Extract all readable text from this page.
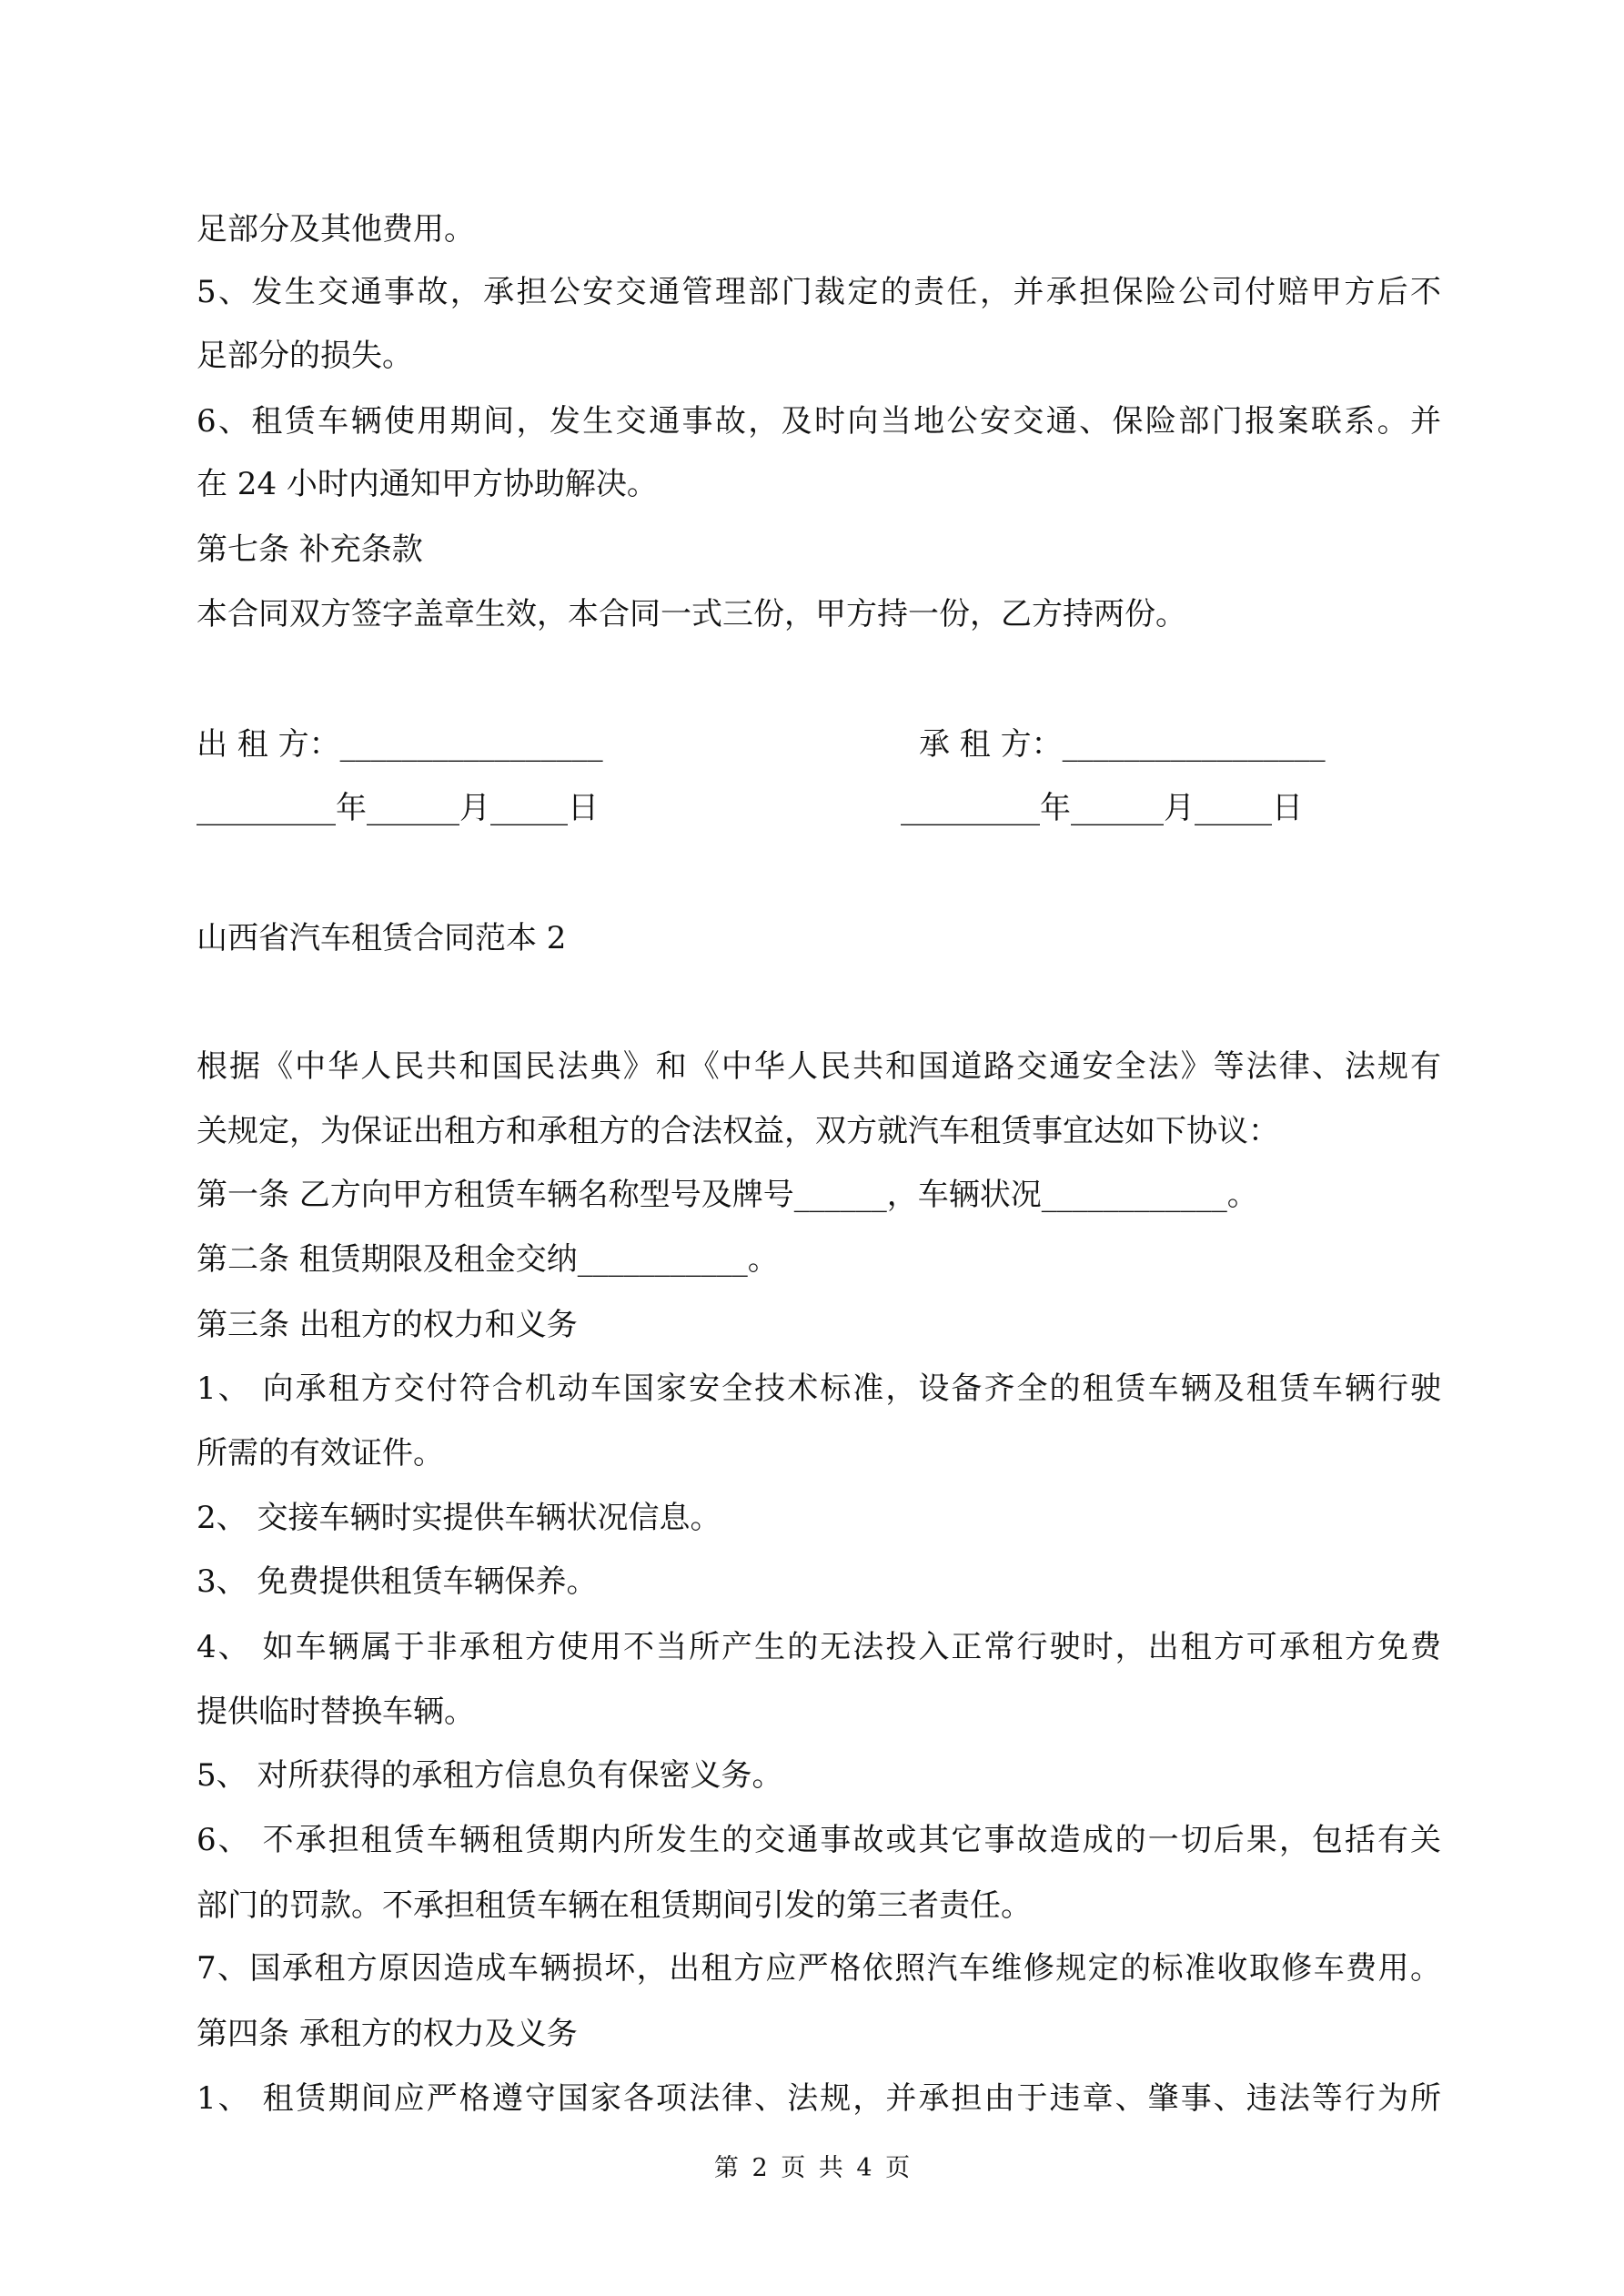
出 租 方：_________________	承 租 方：_________________
_________年______月_____日	_________年______月_____日
山西省汽车租赁合同范本 2
第 2 页 共 4 页
足部分及其他费用。
5、发生交通事故，承担公安交通管理部门裁定的责任，并承担保险公司付赔甲方后不
足部分的损失。
6、租赁车辆使用期间，发生交通事故，及时向当地公安交通、保险部门报案联系。并
在 24 小时内通知甲方协助解决。
第七条 补充条款
本合同双方签字盖章生效，本合同一式三份，甲方持一份，乙方持两份。
根据《中华人民共和国民法典》和《中华人民共和国道路交通安全法》等法律、法规有
关规定，为保证出租方和承租方的合法权益，双方就汽车租赁事宜达如下协议：
第一条 乙方向甲方租赁车辆名称型号及牌号______，车辆状况____________。
第二条 租赁期限及租金交纳___________。
第三条 出租方的权力和义务
1、 向承租方交付符合机动车国家安全技术标准，设备齐全的租赁车辆及租赁车辆行驶
所需的有效证件。
2、 交接车辆时实提供车辆状况信息。
3、 免费提供租赁车辆保养。
4、 如车辆属于非承租方使用不当所产生的无法投入正常行驶时，出租方可承租方免费
提供临时替换车辆。
5、 对所获得的承租方信息负有保密义务。
6、 不承担租赁车辆租赁期内所发生的交通事故或其它事故造成的一切后果，包括有关
部门的罚款。不承担租赁车辆在租赁期间引发的第三者责任。
7、国承租方原因造成车辆损坏，出租方应严格依照汽车维修规定的标准收取修车费用。
第四条 承租方的权力及义务
1、 租赁期间应严格遵守国家各项法律、法规，并承担由于违章、肇事、违法等行为所
